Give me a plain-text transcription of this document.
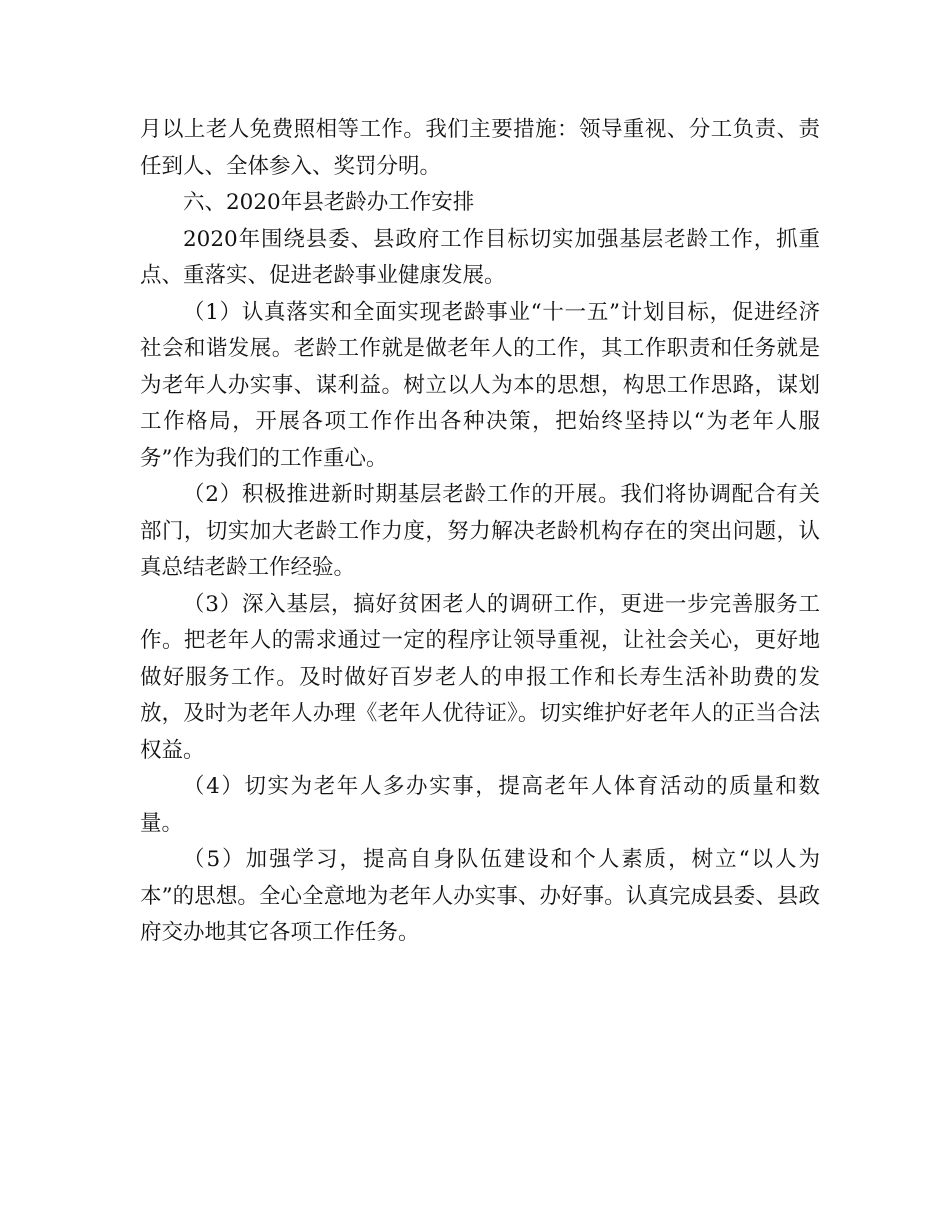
月以上老人免费照相等工作。我们主要措施：领导重视、分工负责、责任到人、全体参入、奖罚分明。

六、2020年县老龄办工作安排

2020年围绕县委、县政府工作目标切实加强基层老龄工作，抓重点、重落实、促进老龄事业健康发展。

（1）认真落实和全面实现老龄事业“十一五”计划目标，促进经济社会和谐发展。老龄工作就是做老年人的工作，其工作职责和任务就是为老年人办实事、谋利益。树立以人为本的思想，构思工作思路，谋划工作格局，开展各项工作作出各种决策，把始终坚持以“为老年人服务”作为我们的工作重心。

（2）积极推进新时期基层老龄工作的开展。我们将协调配合有关部门，切实加大老龄工作力度，努力解决老龄机构存在的突出问题，认真总结老龄工作经验。

（3）深入基层，搞好贫困老人的调研工作，更进一步完善服务工作。把老年人的需求通过一定的程序让领导重视，让社会关心，更好地做好服务工作。及时做好百岁老人的申报工作和长寿生活补助费的发放，及时为老年人办理《老年人优待证》。切实维护好老年人的正当合法权益。

（4）切实为老年人多办实事，提高老年人体育活动的质量和数量。

（5）加强学习，提高自身队伍建设和个人素质，树立“以人为本”的思想。全心全意地为老年人办实事、办好事。认真完成县委、县政府交办地其它各项工作任务。
